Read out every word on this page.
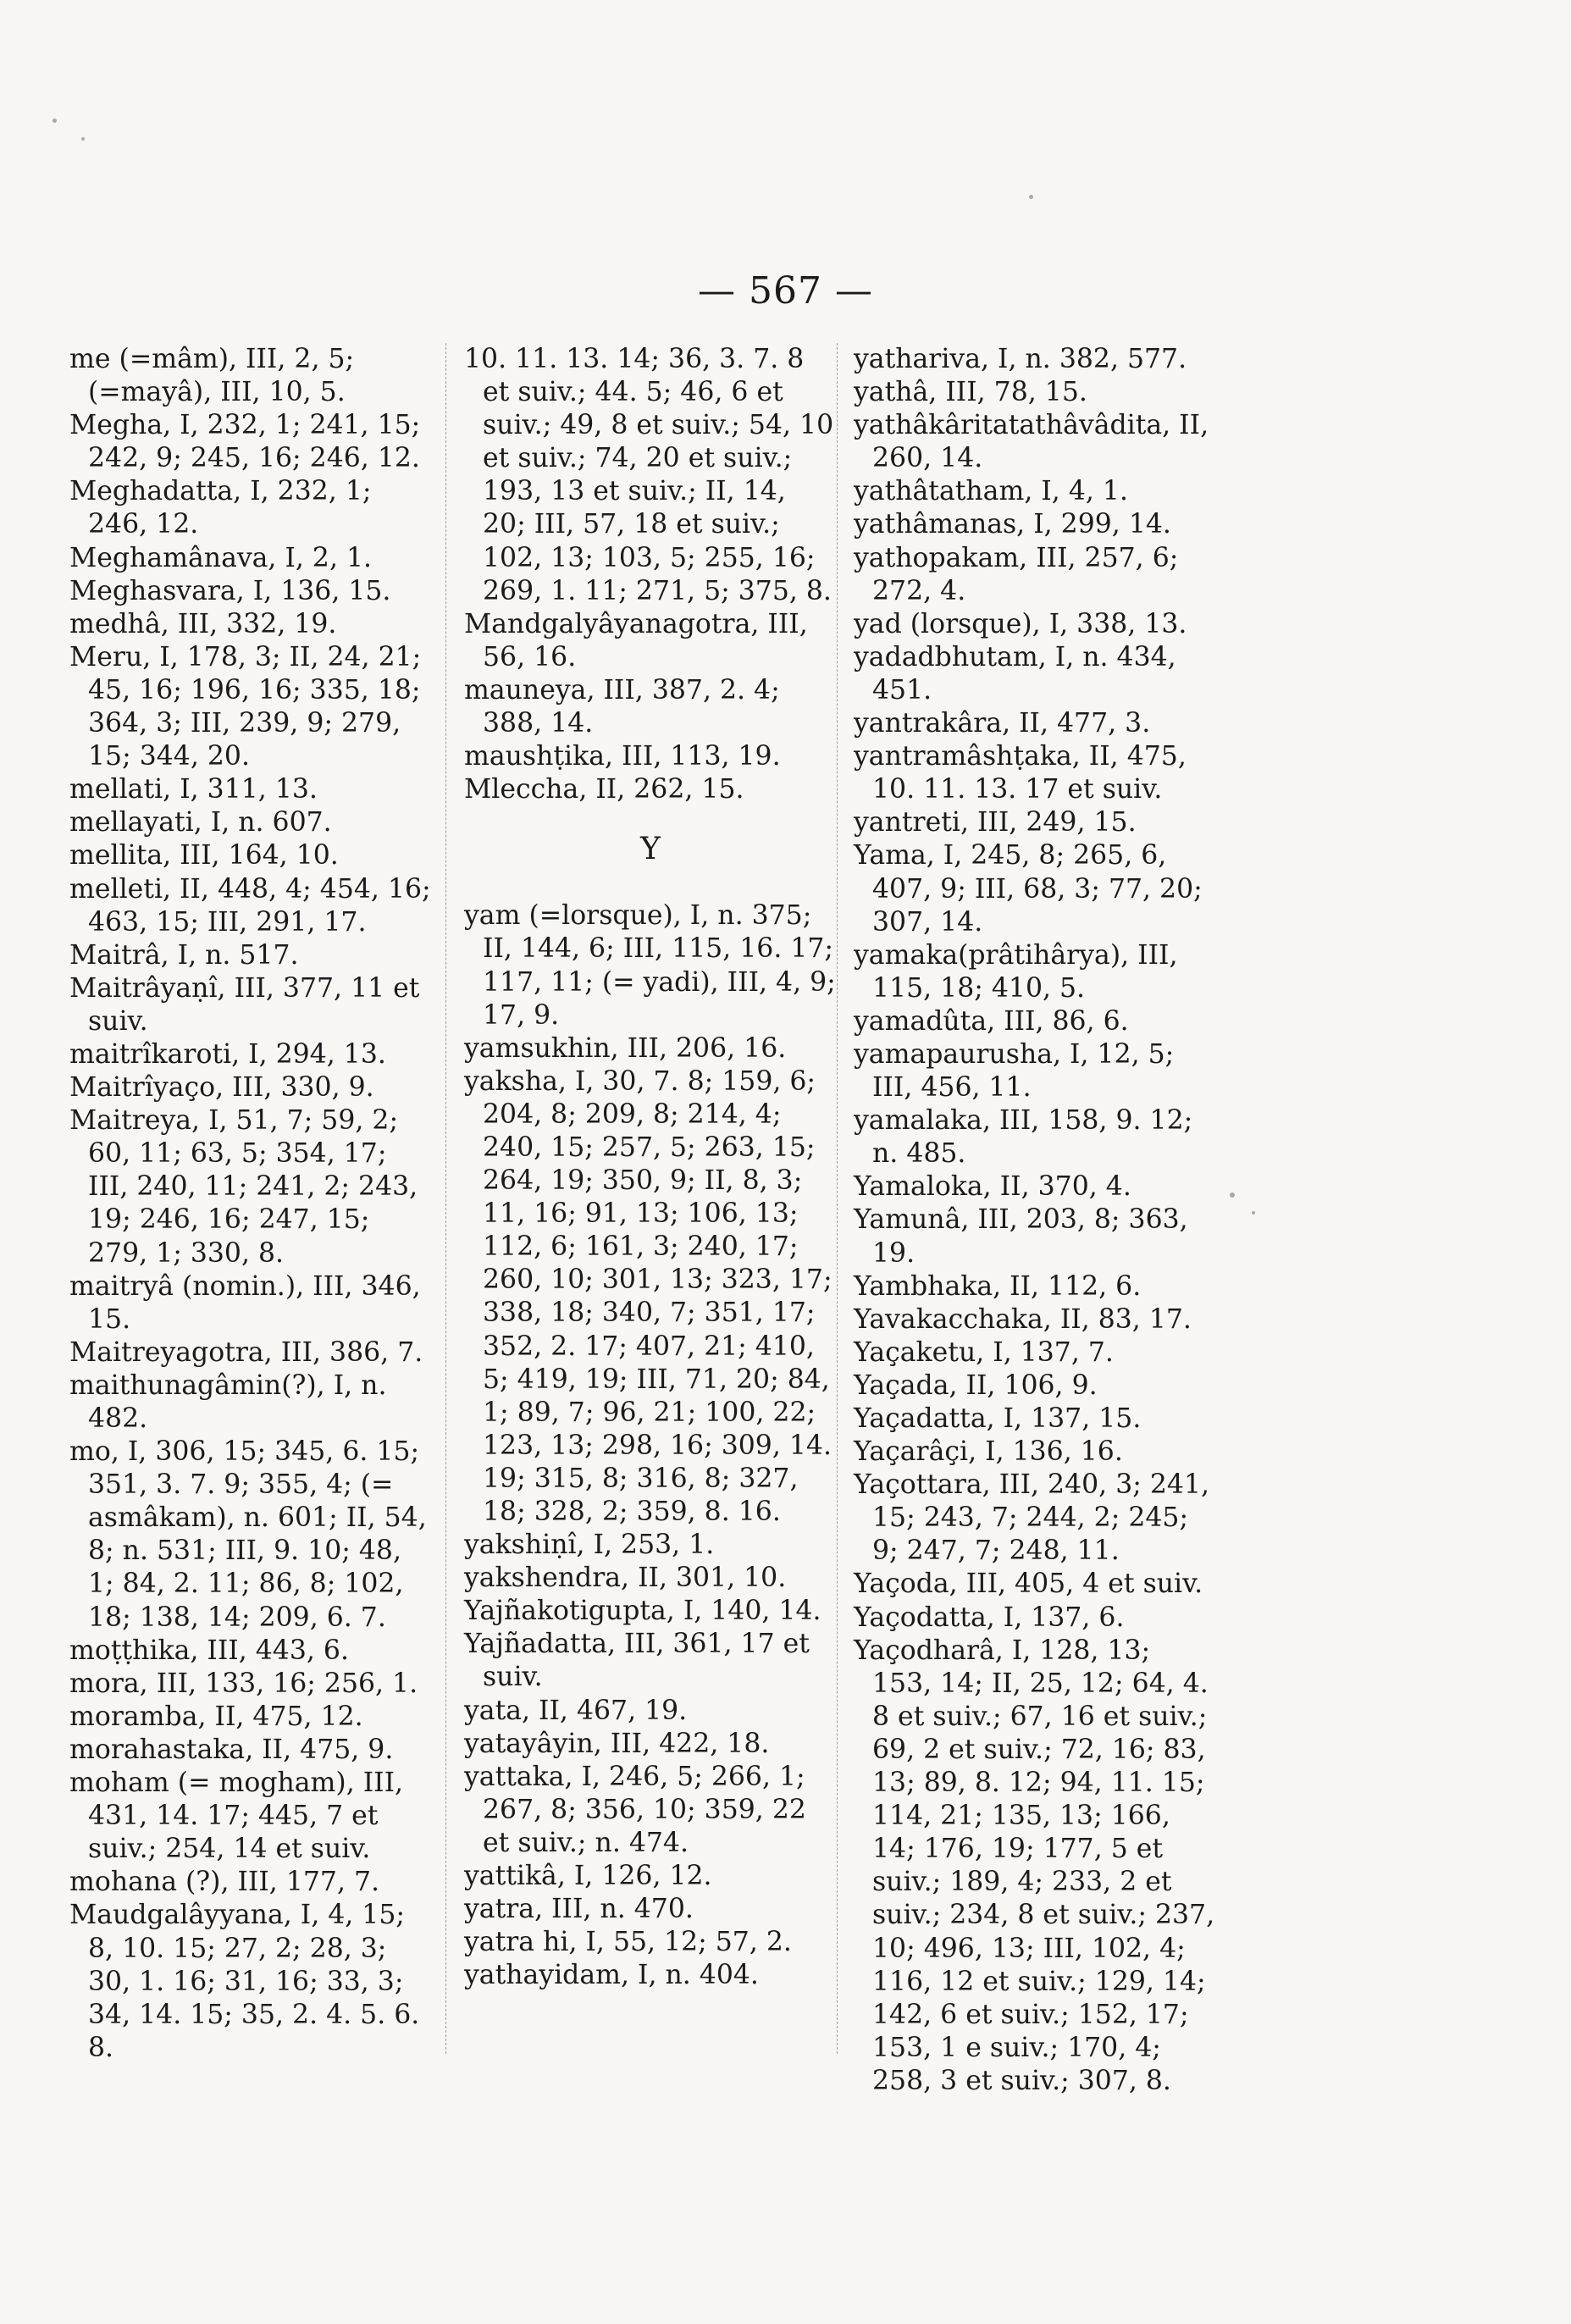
— 567 —

me (=mâm), III, 2, 5; (=mayâ), III, 10, 5.

Megha, I, 232, 1; 241, 15; 242, 9; 245, 16; 246, 12.

Meghadatta, I, 232, 1; 246, 12.

Meghamânava, I, 2, 1.

Meghasvara, I, 136, 15.

medhâ, III, 332, 19.

Meru, I, 178, 3; II, 24, 21; 45, 16; 196, 16; 335, 18; 364, 3; III, 239, 9; 279, 15; 344, 20.

mellati, I, 311, 13.

mellayati, I, n. 607.

mellita, III, 164, 10.

melleti, II, 448, 4; 454, 16; 463, 15; III, 291, 17.

Maitrâ, I, n. 517.

Maitrâyaṇî, III, 377, 11 et suiv.

maitrîkaroti, I, 294, 13.

Maitrîyaço, III, 330, 9.

Maitreya, I, 51, 7; 59, 2; 60, 11; 63, 5; 354, 17; III, 240, 11; 241, 2; 243, 19; 246, 16; 247, 15; 279, 1; 330, 8.

maitryâ (nomin.), III, 346, 15.

Maitreyagotra, III, 386, 7.

maithunagâmin(?), I, n. 482.

mo, I, 306, 15; 345, 6. 15; 351, 3. 7. 9; 355, 4; (= asmâkam), n. 601; II, 54, 8; n. 531; III, 9. 10; 48, 1; 84, 2. 11; 86, 8; 102, 18; 138, 14; 209, 6. 7.

moṭṭhika, III, 443, 6.

mora, III, 133, 16; 256, 1.

moramba, II, 475, 12.

morahastaka, II, 475, 9.

moham (= mogham), III, 431, 14. 17; 445, 7 et suiv.; 254, 14 et suiv.

mohana (?), III, 177, 7.

Maudgalâyyana, I, 4, 15; 8, 10. 15; 27, 2; 28, 3; 30, 1. 16; 31, 16; 33, 3; 34, 14. 15; 35, 2. 4. 5. 6. 8.

10. 11. 13. 14; 36, 3. 7. 8 et suiv.; 44. 5; 46, 6 et suiv.; 49, 8 et suiv.; 54, 10 et suiv.; 74, 20 et suiv.; 193, 13 et suiv.; II, 14, 20; III, 57, 18 et suiv.; 102, 13; 103, 5; 255, 16; 269, 1. 11; 271, 5; 375, 8.

Mandgalyâyanagotra, III, 56, 16.

mauneya, III, 387, 2. 4; 388, 14.

maushṭika, III, 113, 19.

Mleccha, II, 262, 15.

Y

yam (=lorsque), I, n. 375; II, 144, 6; III, 115, 16. 17; 117, 11; (= yadi), III, 4, 9; 17, 9.

yamsukhin, III, 206, 16.

yaksha, I, 30, 7. 8; 159, 6; 204, 8; 209, 8; 214, 4; 240, 15; 257, 5; 263, 15; 264, 19; 350, 9; II, 8, 3; 11, 16; 91, 13; 106, 13; 112, 6; 161, 3; 240, 17; 260, 10; 301, 13; 323, 17; 338, 18; 340, 7; 351, 17; 352, 2. 17; 407, 21; 410, 5; 419, 19; III, 71, 20; 84, 1; 89, 7; 96, 21; 100, 22; 123, 13; 298, 16; 309, 14. 19; 315, 8; 316, 8; 327, 18; 328, 2; 359, 8. 16.

yakshiṇî, I, 253, 1.

yakshendra, II, 301, 10.

Yajñakotigupta, I, 140, 14.

Yajñadatta, III, 361, 17 et suiv.

yata, II, 467, 19.

yatayâyin, III, 422, 18.

yattaka, I, 246, 5; 266, 1; 267, 8; 356, 10; 359, 22 et suiv.; n. 474.

yattikâ, I, 126, 12.

yatra, III, n. 470.

yatra hi, I, 55, 12; 57, 2.

yathayidam, I, n. 404.

yathariva, I, n. 382, 577.

yathâ, III, 78, 15.

yathâkâritatathâvâdita, II, 260, 14.

yathâtatham, I, 4, 1.

yathâmanas, I, 299, 14.

yathopakam, III, 257, 6; 272, 4.

yad (lorsque), I, 338, 13.

yadadbhutam, I, n. 434, 451.

yantrakâra, II, 477, 3.

yantramâshṭaka, II, 475, 10. 11. 13. 17 et suiv.

yantreti, III, 249, 15.

Yama, I, 245, 8; 265, 6, 407, 9; III, 68, 3; 77, 20; 307, 14.

yamaka(prâtihârya), III, 115, 18; 410, 5.

yamadûta, III, 86, 6.

yamapaurusha, I, 12, 5; III, 456, 11.

yamalaka, III, 158, 9. 12; n. 485.

Yamaloka, II, 370, 4.

Yamunâ, III, 203, 8; 363, 19.

Yambhaka, II, 112, 6.

Yavakacchaka, II, 83, 17.

Yaçaketu, I, 137, 7.

Yaçada, II, 106, 9.

Yaçadatta, I, 137, 15.

Yaçarâçi, I, 136, 16.

Yaçottara, III, 240, 3; 241, 15; 243, 7; 244, 2; 245; 9; 247, 7; 248, 11.

Yaçoda, III, 405, 4 et suiv.

Yaçodatta, I, 137, 6.

Yaçodharâ, I, 128, 13; 153, 14; II, 25, 12; 64, 4. 8 et suiv.; 67, 16 et suiv.; 69, 2 et suiv.; 72, 16; 83, 13; 89, 8. 12; 94, 11. 15; 114, 21; 135, 13; 166, 14; 176, 19; 177, 5 et suiv.; 189, 4; 233, 2 et suiv.; 234, 8 et suiv.; 237, 10; 496, 13; III, 102, 4; 116, 12 et suiv.; 129, 14; 142, 6 et suiv.; 152, 17; 153, 1 e suiv.; 170, 4; 258, 3 et suiv.; 307, 8.
